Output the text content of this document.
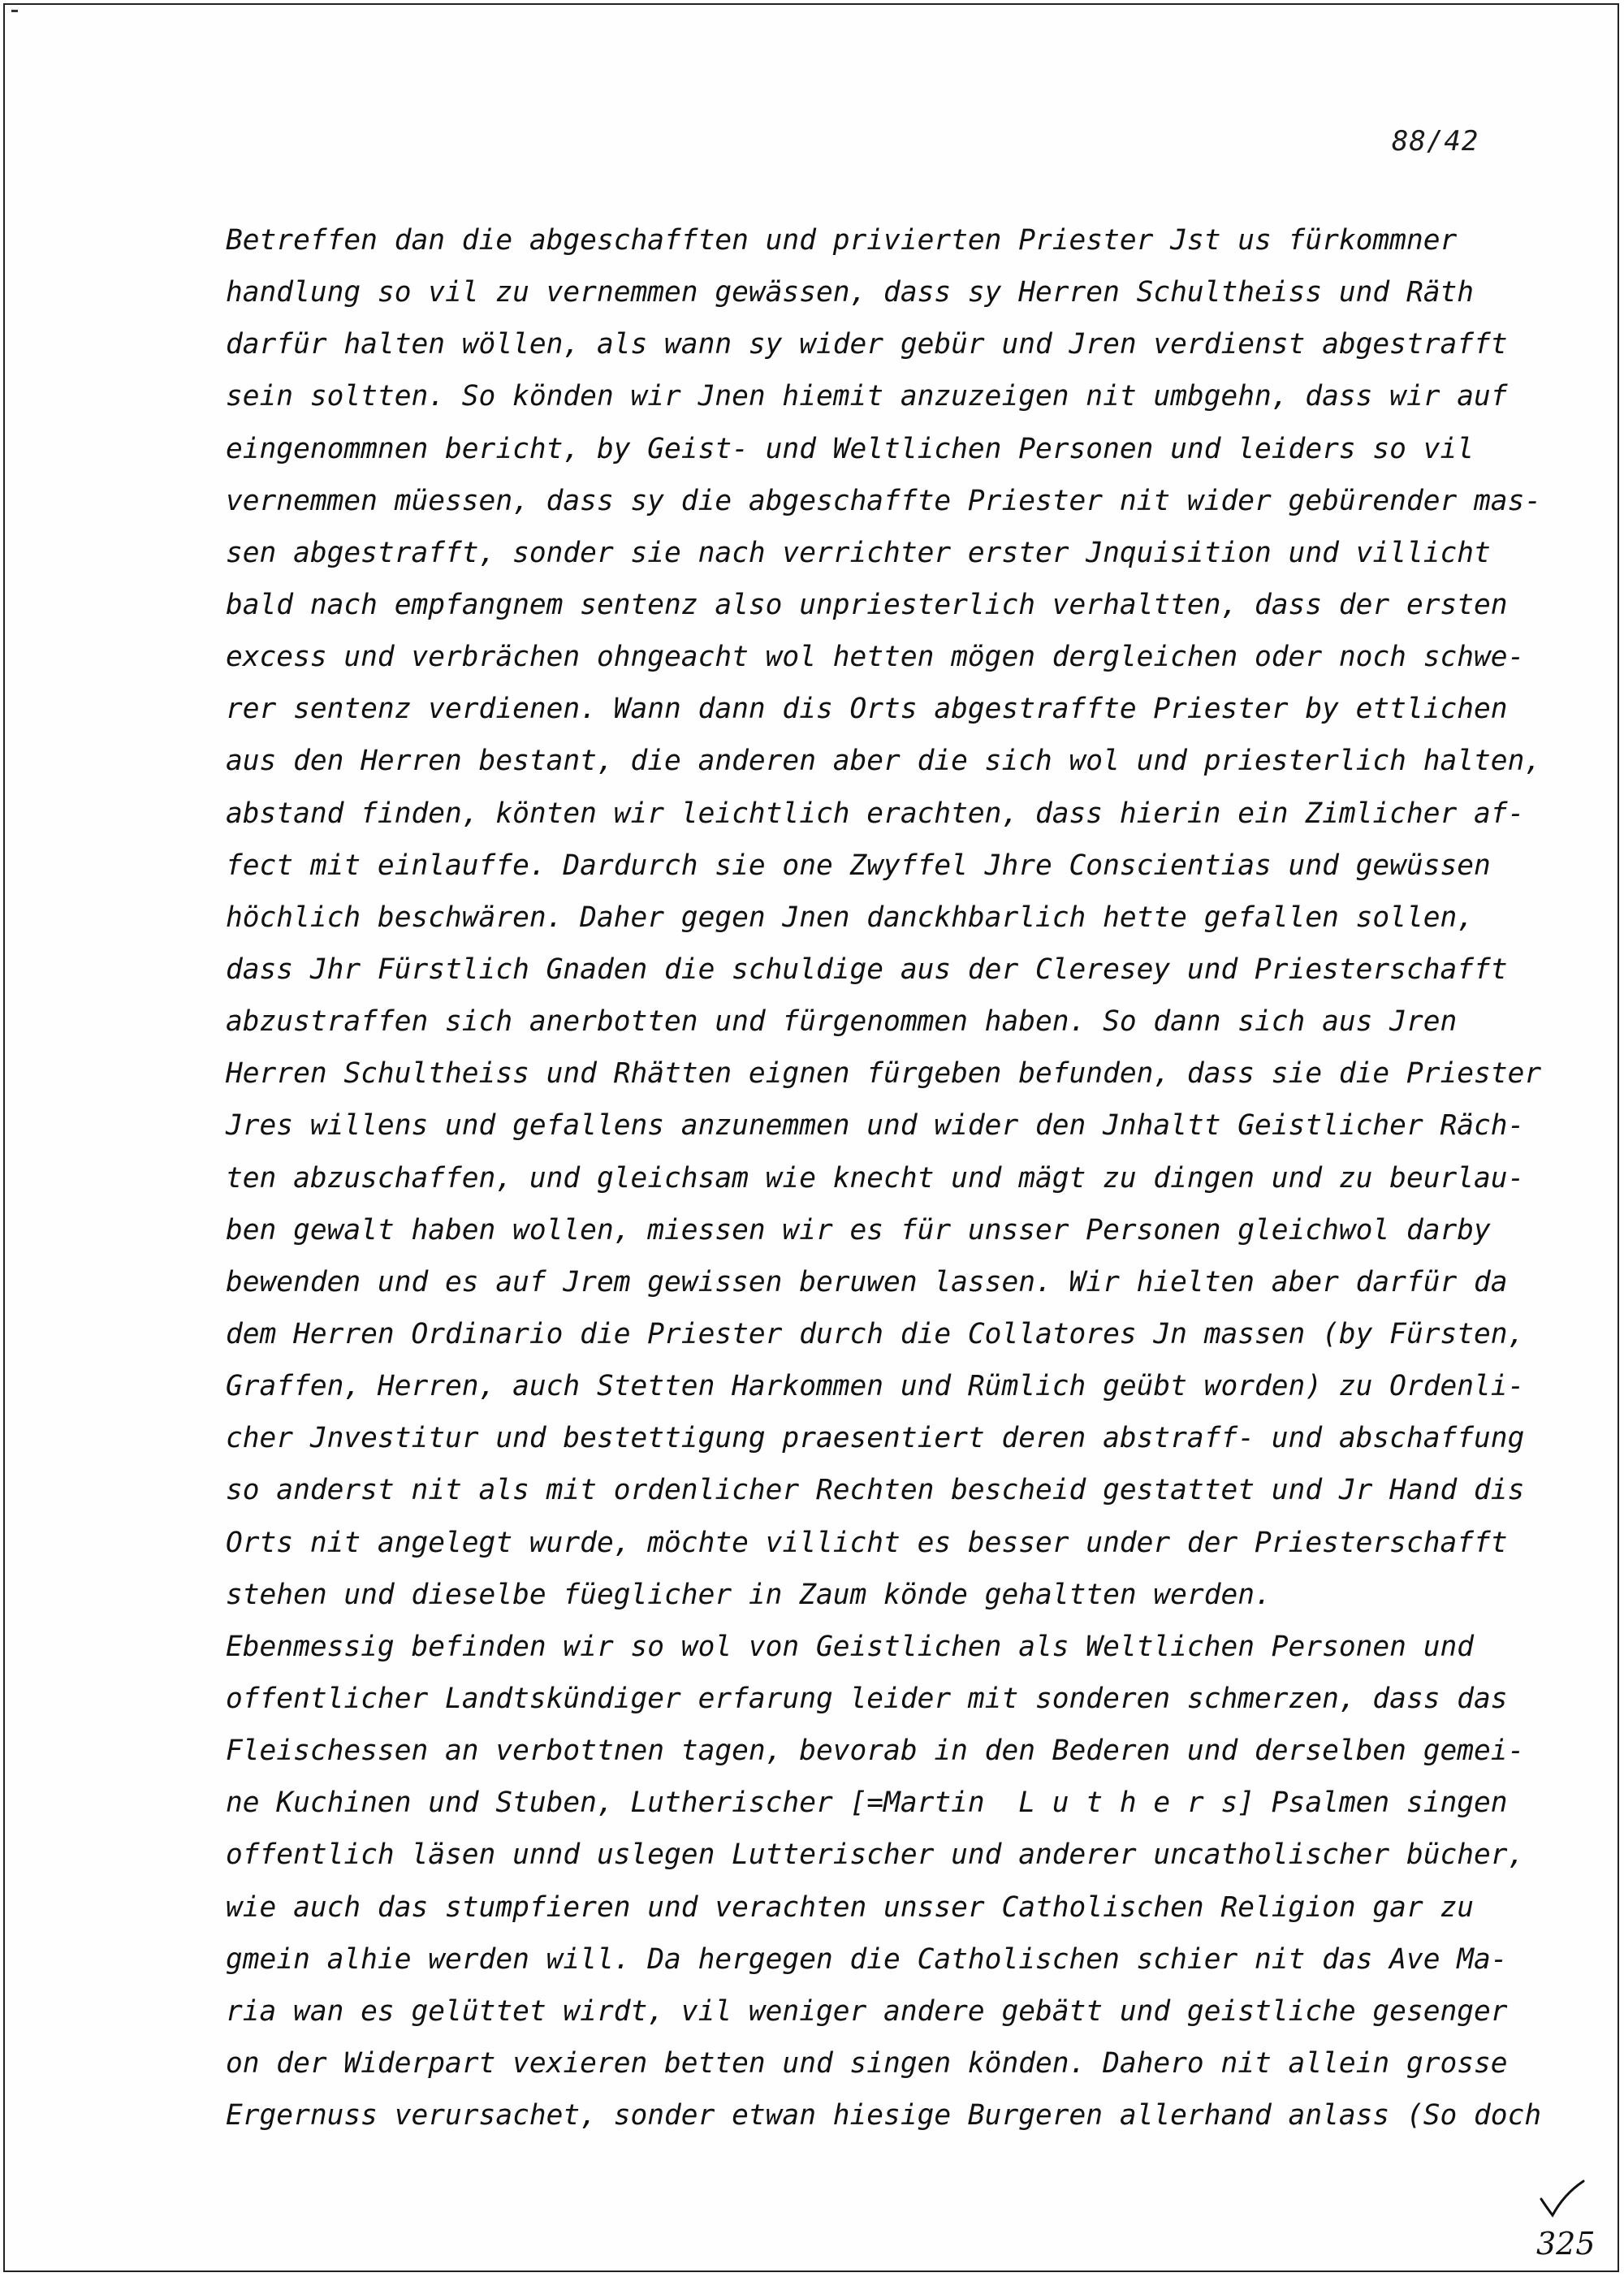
88/42
Betreffen dan die abgeschafften und privierten Priester Jst us fürkommner
handlung so vil zu vernemmen gewässen, dass sy Herren Schultheiss und Räth
darfür halten wöllen, als wann sy wider gebür und Jren verdienst abgestrafft
sein soltten. So könden wir Jnen hiemit anzuzeigen nit umbgehn, dass wir auf
eingenommnen bericht, by Geist- und Weltlichen Personen und leiders so vil
vernemmen müessen, dass sy die abgeschaffte Priester nit wider gebürender mas-
sen abgestrafft, sonder sie nach verrichter erster Jnquisition und villicht
bald nach empfangnem sentenz also unpriesterlich verhaltten, dass der ersten
excess und verbrächen ohngeacht wol hetten mögen dergleichen oder noch schwe-
rer sentenz verdienen. Wann dann dis Orts abgestraffte Priester by ettlichen
aus den Herren bestant, die anderen aber die sich wol und priesterlich halten,
abstand finden, könten wir leichtlich erachten, dass hierin ein Zimlicher af-
fect mit einlauffe. Dardurch sie one Zwyffel Jhre Conscientias und gewüssen
höchlich beschwären. Daher gegen Jnen danckhbarlich hette gefallen sollen,
dass Jhr Fürstlich Gnaden die schuldige aus der Cleresey und Priesterschafft
abzustraffen sich anerbotten und fürgenommen haben. So dann sich aus Jren
Herren Schultheiss und Rhätten eignen fürgeben befunden, dass sie die Priester
Jres willens und gefallens anzunemmen und wider den Jnhaltt Geistlicher Räch-
ten abzuschaffen, und gleichsam wie knecht und mägt zu dingen und zu beurlau-
ben gewalt haben wollen, miessen wir es für unsser Personen gleichwol darby
bewenden und es auf Jrem gewissen beruwen lassen. Wir hielten aber darfür da
dem Herren Ordinario die Priester durch die Collatores Jn massen (by Fürsten,
Graffen, Herren, auch Stetten Harkommen und Rümlich geübt worden) zu Ordenli-
cher Jnvestitur und bestettigung praesentiert deren abstraff- und abschaffung
so anderst nit als mit ordenlicher Rechten bescheid gestattet und Jr Hand dis
Orts nit angelegt wurde, möchte villicht es besser under der Priesterschafft
stehen und dieselbe füeglicher in Zaum könde gehaltten werden.
Ebenmessig befinden wir so wol von Geistlichen als Weltlichen Personen und
offentlicher Landtskündiger erfarung leider mit sonderen schmerzen, dass das
Fleischessen an verbottnen tagen, bevorab in den Bederen und derselben gemei-
ne Kuchinen und Stuben, Lutherischer [=Martin  L u t h e r s] Psalmen singen
offentlich läsen unnd uslegen Lutterischer und anderer uncatholischer bücher,
wie auch das stumpfieren und verachten unsser Catholischen Religion gar zu
gmein alhie werden will. Da hergegen die Catholischen schier nit das Ave Ma-
ria wan es gelüttet wirdt, vil weniger andere gebätt und geistliche gesenger
on der Widerpart vexieren betten und singen könden. Dahero nit allein grosse
Ergernuss verursachet, sonder etwan hiesige Burgeren allerhand anlass (So doch
325
